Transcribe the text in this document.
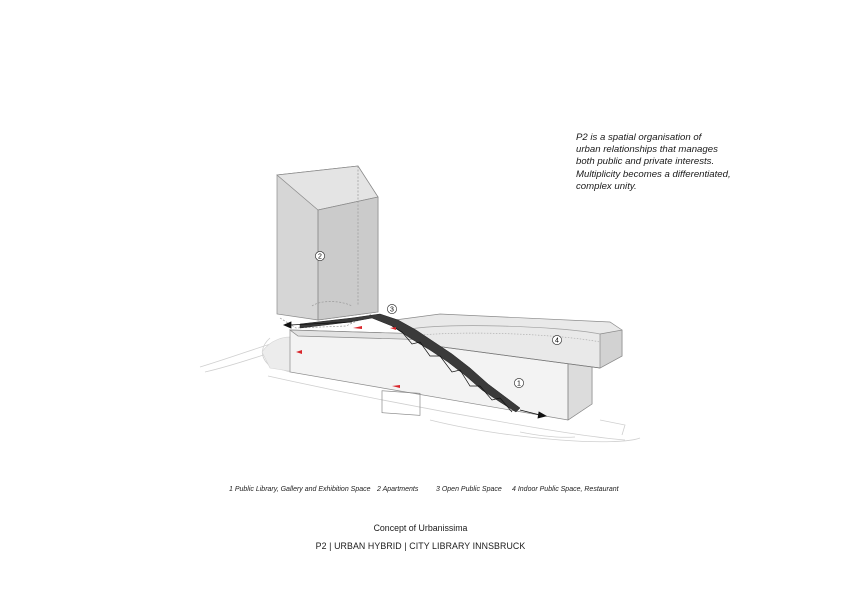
P2 is a spatial organisation of
urban relationships that manages
both public and private interests.
Multiplicity becomes a differentiated,
complex unity.
2
3
4
1
1 Public Library, Gallery and Exhibition Space 2 Apartments	3 Open Public Space 4 Indoor Public Space, Restaurant
Concept of Urbanissima
P2 | URBAN HYBRID | CITY LIBRARY INNSBRUCK
